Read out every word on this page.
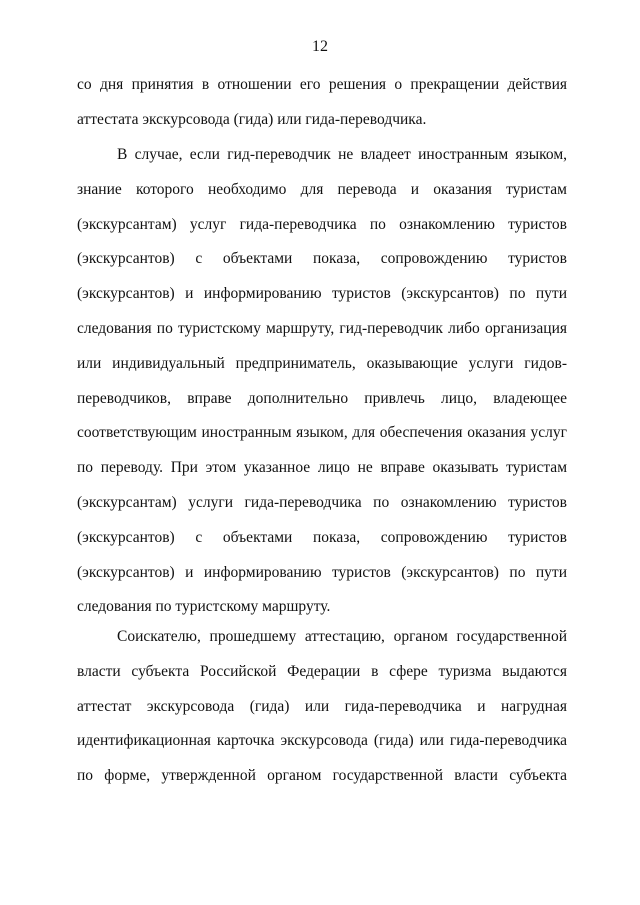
12
со дня принятия в отношении его решения о прекращении действия
аттестата экскурсовода (гида) или гида-переводчика.
В случае, если гид-переводчик не владеет иностранным языком,
знание которого необходимо для перевода и оказания туристам
(экскурсантам) услуг гида-переводчика по ознакомлению туристов
(экскурсантов) с объектами показа, сопровождению туристов
(экскурсантов) и информированию туристов (экскурсантов) по пути
следования по туристскому маршруту, гид-переводчик либо организация
или индивидуальный предприниматель, оказывающие услуги гидов-
переводчиков, вправе дополнительно привлечь лицо, владеющее
соответствующим иностранным языком, для обеспечения оказания услуг
по переводу. При этом указанное лицо не вправе оказывать туристам
(экскурсантам) услуги гида-переводчика по ознакомлению туристов
(экскурсантов) с объектами показа, сопровождению туристов
(экскурсантов) и информированию туристов (экскурсантов) по пути
следования по туристскому маршруту.
Соискателю, прошедшему аттестацию, органом государственной
власти субъекта Российской Федерации в сфере туризма выдаются
аттестат экскурсовода (гида) или гида-переводчика и нагрудная
идентификационная карточка экскурсовода (гида) или гида-переводчика
по форме, утвержденной органом государственной власти субъекта
